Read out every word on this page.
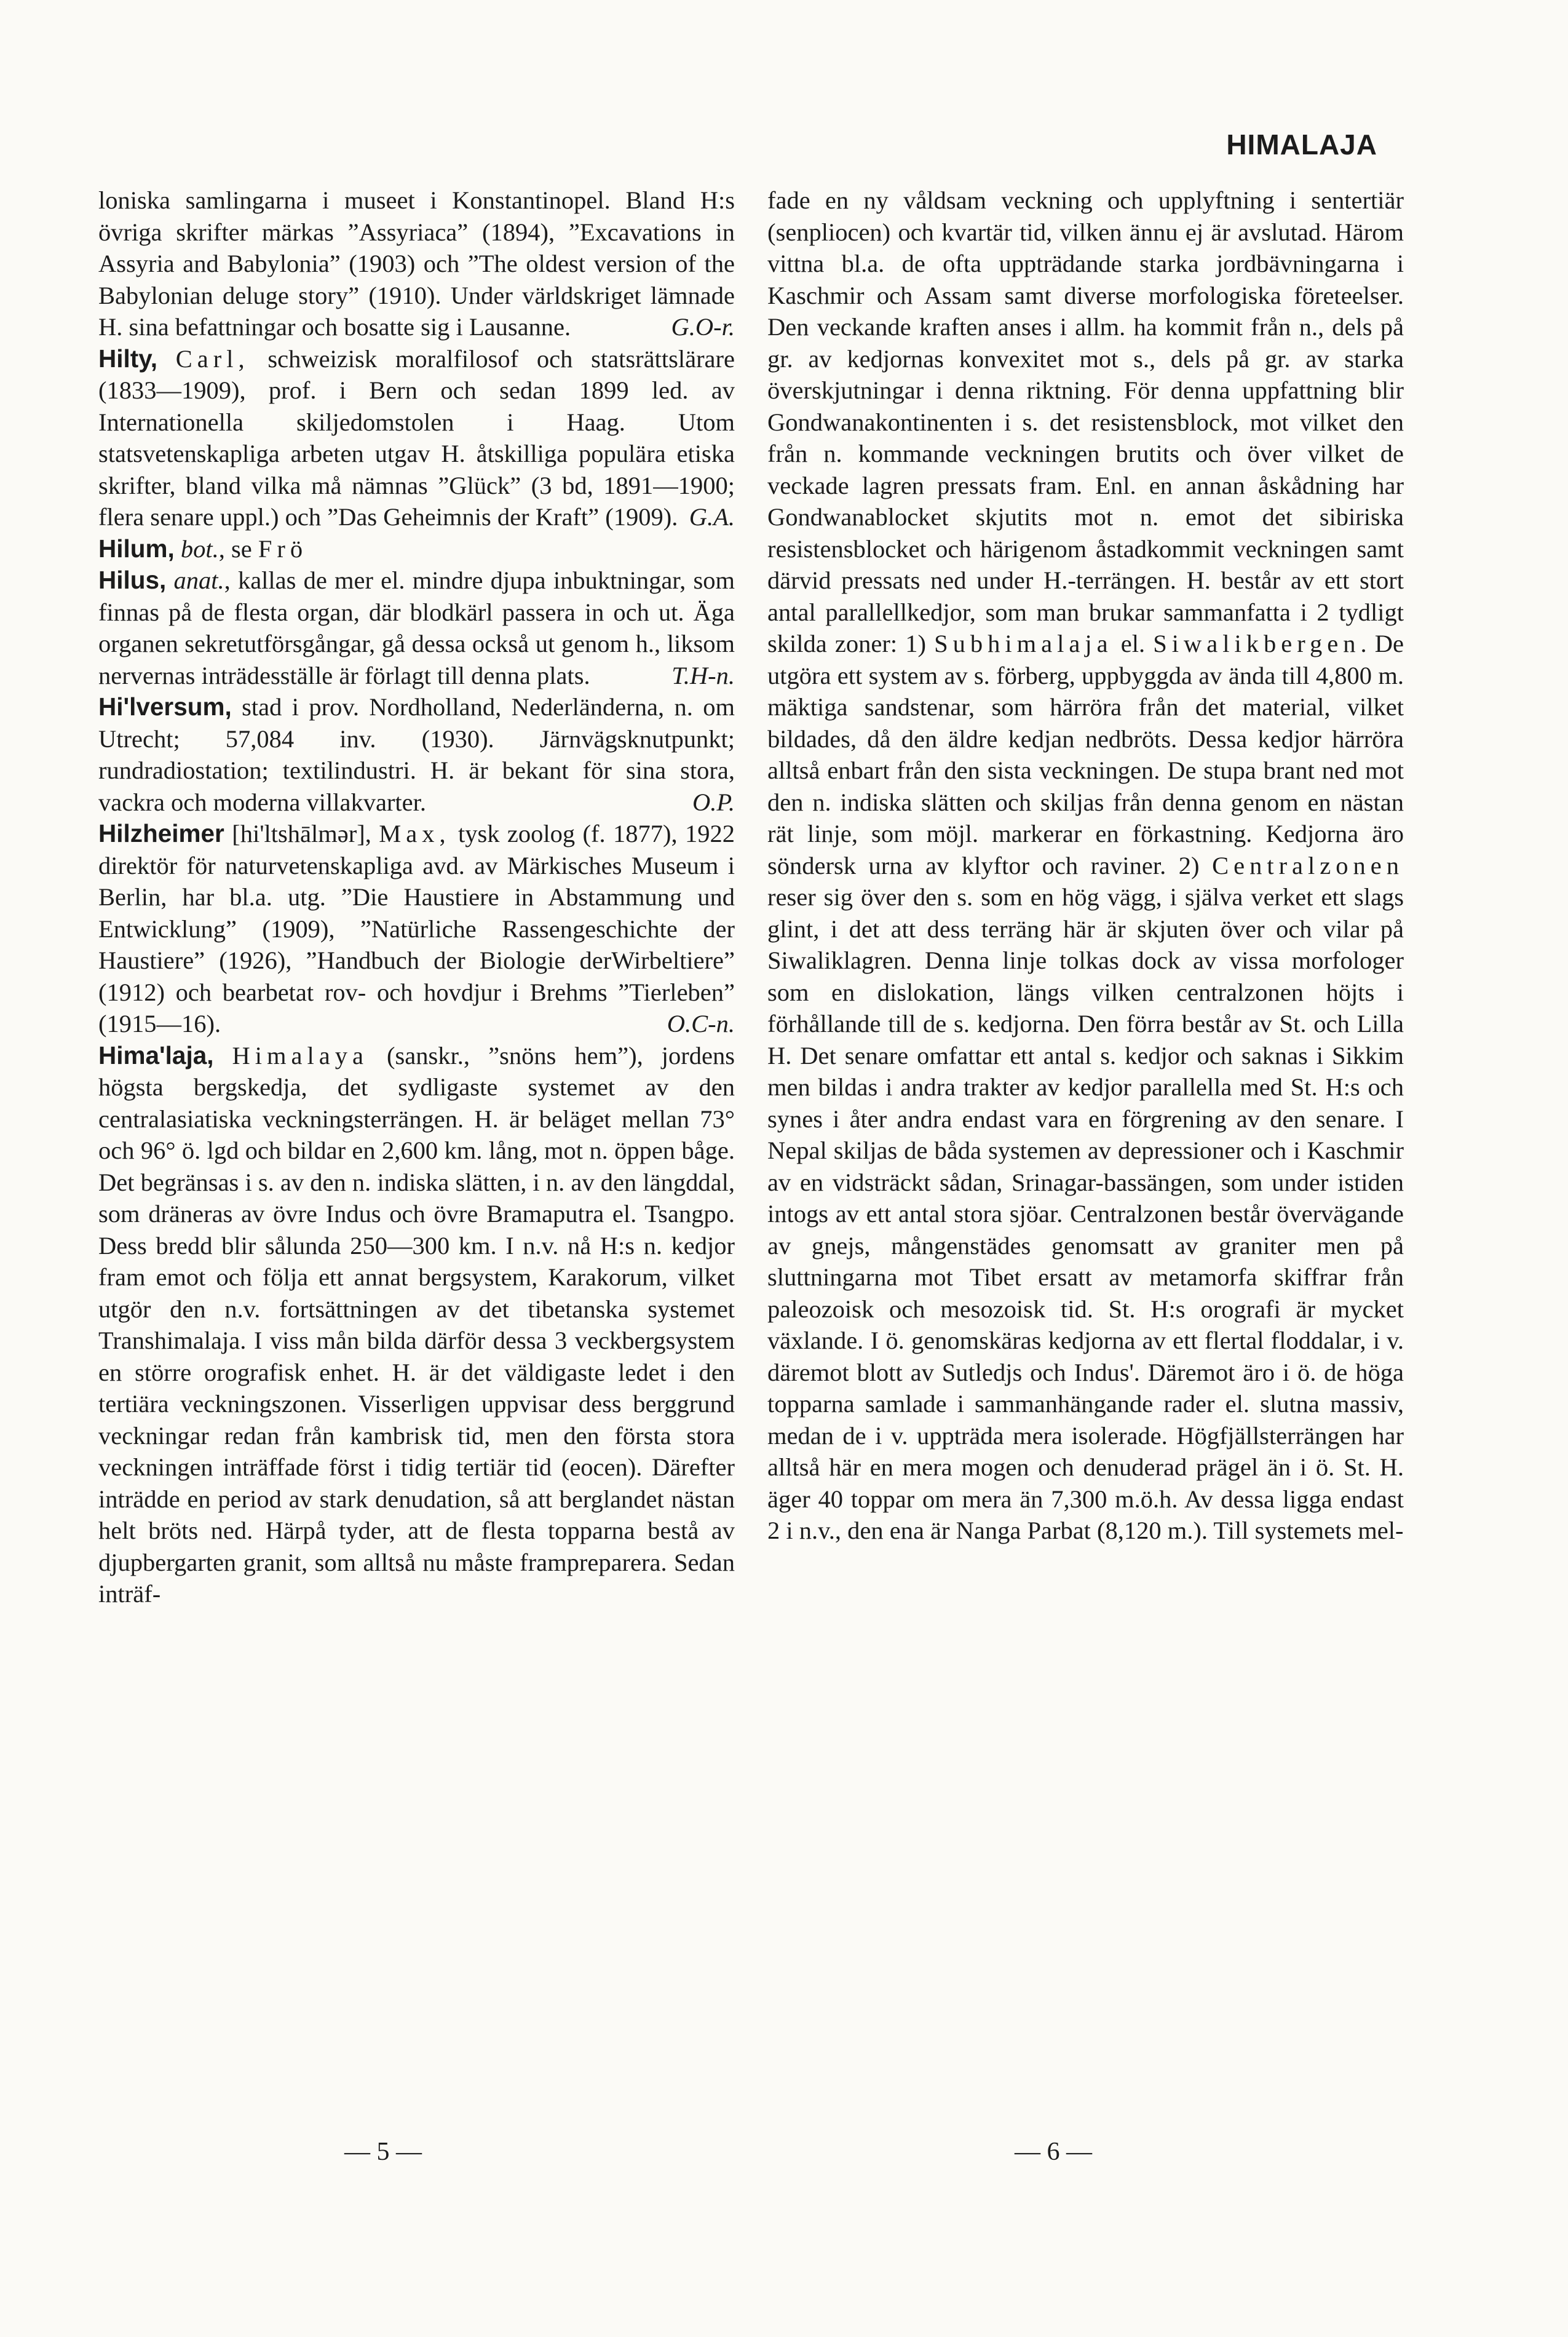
HIMALAJA

loniska samlingarna i museet i Konstantinopel. Bland H:s övriga skrifter märkas ”Assyriaca” (1894), ”Excavations in Assyria and Babylonia” (1903) och ”The oldest version of the Babylonian deluge story” (1910). Under världskriget lämnade H. sina befattningar och bosatte sig i Lausanne.	G.O-r.

Hilty, Carl, schweizisk moralfilosof och statsrättslärare (1833—1909), prof. i Bern och sedan 1899 led. av Internationella skiljedomstolen i Haag. Utom statsvetenskapliga arbeten utgav H. åtskilliga populära etiska skrifter, bland vilka må nämnas ”Glück” (3 bd, 1891—1900; flera senare uppl.) och ”Das Geheimnis der Kraft” (1909). G.A.

Hilum, bot., se Frö

Hilus, anat., kallas de mer el. mindre djupa inbuktningar, som finnas på de flesta organ, där blodkärl passera in och ut. Äga organen sekretutförsgångar, gå dessa också ut genom h., liksom nervernas inträdesställe är förlagt till denna plats.	T.H-n.

Hi'lversum, stad i prov. Nordholland, Nederländerna, n. om Utrecht; 57,084 inv. (1930). Järnvägsknutpunkt; rundradiostation; textilindustri. H. är bekant för sina stora, vackra och moderna villakvarter.	O.P.

Hilzheimer [hi'ltshālmər], Max, tysk zoolog (f. 1877), 1922 direktör för naturvetenskapliga avd. av Märkisches Museum i Berlin, har bl.a. utg. ”Die Haustiere in Abstammung und Entwicklung” (1909), ”Natürliche Rassengeschichte der Haustiere” (1926), ”Handbuch der Biologie derWirbeltiere” (1912) och bearbetat rov- och hovdjur i Brehms ”Tierleben” (1915—16).	O.C-n.

Hima'laja, Himalaya (sanskr., ”snöns hem”), jordens högsta bergskedja, det sydligaste systemet av den centralasiatiska veckningsterrängen. H. är beläget mellan 73° och 96° ö. lgd och bildar en 2,600 km. lång, mot n. öppen båge. Det begränsas i s. av den n. indiska slätten, i n. av den längddal, som dräneras av övre Indus och övre Bramaputra el. Tsangpo. Dess bredd blir sålunda 250—300 km. I n.v. nå H:s n. kedjor fram emot och följa ett annat bergsystem, Karakorum, vilket utgör den n.v. fortsättningen av det tibetanska systemet Transhimalaja. I viss mån bilda därför dessa 3 veckbergsystem en större orografisk enhet. H. är det väldigaste ledet i den tertiära veckningszonen. Visserligen uppvisar dess berggrund veckningar redan från kambrisk tid, men den första stora veckningen inträffade först i tidig tertiär tid (eocen). Därefter inträdde en period av stark denudation, så att berglandet nästan helt bröts ned. Härpå tyder, att de flesta topparna bestå av djupbergarten granit, som alltså nu måste frampreparera. Sedan inträf-

fade en ny våldsam veckning och upplyftning i sentertiär (senpliocen) och kvartär tid, vilken ännu ej är avslutad. Härom vittna bl.a. de ofta uppträdande starka jordbävningarna i Kaschmir och Assam samt diverse morfologiska företeelser. Den veckande kraften anses i allm. ha kommit från n., dels på gr. av kedjornas konvexitet mot s., dels på gr. av starka överskjutningar i denna riktning. För denna uppfattning blir Gondwanakontinenten i s. det resistensblock, mot vilket den från n. kommande veckningen brutits och över vilket de veckade lagren pressats fram. Enl. en annan åskådning har Gondwanablocket skjutits mot n. emot det sibiriska resistensblocket och härigenom åstadkommit veckningen samt därvid pressats ned under H.-terrängen. H. består av ett stort antal parallellkedjor, som man brukar sammanfatta i 2 tydligt skilda zoner: 1) Subhimalaja el. Siwalikbergen. De utgöra ett system av s. förberg, uppbyggda av ända till 4,800 m. mäktiga sandstenar, som härröra från det material, vilket bildades, då den äldre kedjan nedbröts. Dessa kedjor härröra alltså enbart från den sista veckningen. De stupa brant ned mot den n. indiska slätten och skiljas från denna genom en nästan rät linje, som möjl. markerar en förkastning. Kedjorna äro söndersk urna av klyftor och raviner. 2) Centralzonen reser sig över den s. som en hög vägg, i själva verket ett slags glint, i det att dess terräng här är skjuten över och vilar på Siwaliklagren. Denna linje tolkas dock av vissa morfologer som en dislokation, längs vilken centralzonen höjts i förhållande till de s. kedjorna. Den förra består av St. och Lilla H. Det senare omfattar ett antal s. kedjor och saknas i Sikkim men bildas i andra trakter av kedjor parallella med St. H:s och synes i åter andra endast vara en förgrening av den senare. I Nepal skiljas de båda systemen av depressioner och i Kaschmir av en vidsträckt sådan, Srinagar-bassängen, som under istiden intogs av ett antal stora sjöar. Centralzonen består övervägande av gnejs, mångenstädes genomsatt av graniter men på sluttningarna mot Tibet ersatt av metamorfa skiffrar från paleozoisk och mesozoisk tid. St. H:s orografi är mycket växlande. I ö. genomskäras kedjorna av ett flertal floddalar, i v. däremot blott av Sutledjs och Indus'. Däremot äro i ö. de höga topparna samlade i sammanhängande rader el. slutna massiv, medan de i v. uppträda mera isolerade. Högfjällsterrängen har alltså här en mera mogen och denuderad prägel än i ö. St. H. äger 40 toppar om mera än 7,300 m.ö.h. Av dessa ligga endast 2 i n.v., den ena är Nanga Parbat (8,120 m.). Till systemets mel-

— 5 —	— 6 —
